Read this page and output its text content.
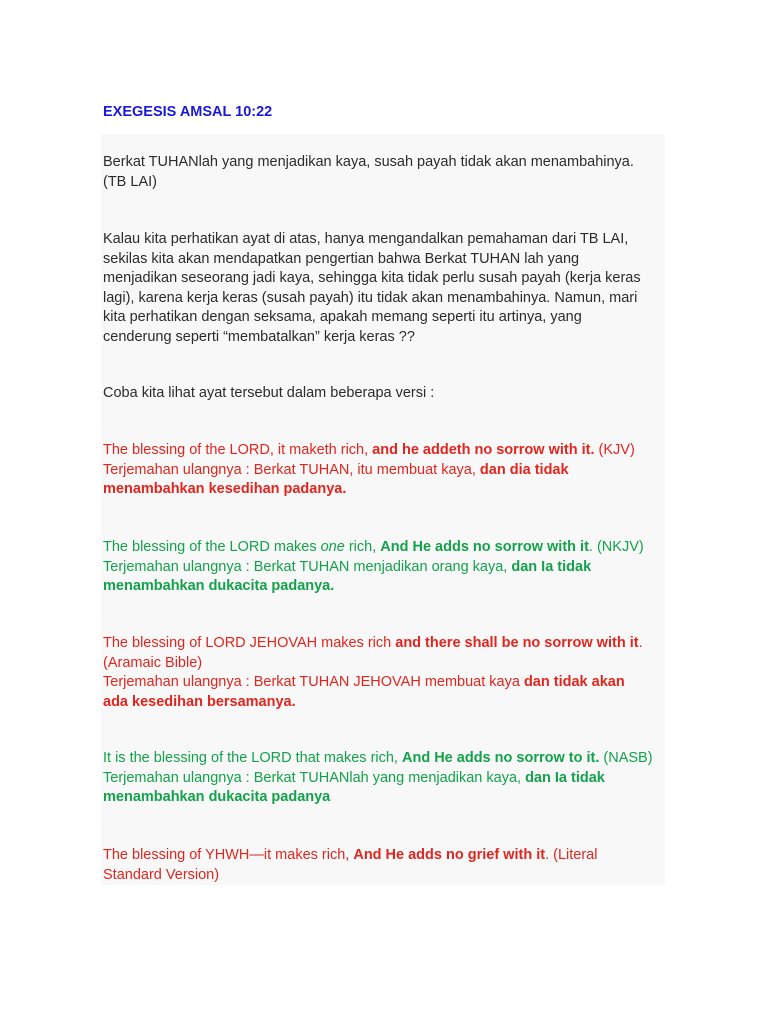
EXEGESIS AMSAL 10:22

Berkat TUHANlah yang menjadikan kaya, susah payah tidak akan menambahinya.
(TB LAI)

Kalau kita perhatikan ayat di atas, hanya mengandalkan pemahaman dari TB LAI,
sekilas kita akan mendapatkan pengertian bahwa Berkat TUHAN lah yang
menjadikan seseorang jadi kaya, sehingga kita tidak perlu susah payah (kerja keras
lagi), karena kerja keras (susah payah) itu tidak akan menambahinya. Namun, mari
kita perhatikan dengan seksama, apakah memang seperti itu artinya, yang
cenderung seperti “membatalkan” kerja keras ??

Coba kita lihat ayat tersebut dalam beberapa versi :

The blessing of the LORD, it maketh rich, and he addeth no sorrow with it. (KJV)
Terjemahan ulangnya : Berkat TUHAN, itu membuat kaya, dan dia tidak
menambahkan kesedihan padanya.

The blessing of the LORD makes one rich, And He adds no sorrow with it. (NKJV)
Terjemahan ulangnya : Berkat TUHAN menjadikan orang kaya, dan Ia tidak
menambahkan dukacita padanya.

The blessing of LORD JEHOVAH makes rich and there shall be no sorrow with it.
(Aramaic Bible)
Terjemahan ulangnya : Berkat TUHAN JEHOVAH membuat kaya dan tidak akan
ada kesedihan bersamanya.

It is the blessing of the LORD that makes rich, And He adds no sorrow to it. (NASB)
Terjemahan ulangnya : Berkat TUHANlah yang menjadikan kaya, dan Ia tidak
menambahkan dukacita padanya

The blessing of YHWH—it makes rich, And He adds no grief with it. (Literal
Standard Version)
